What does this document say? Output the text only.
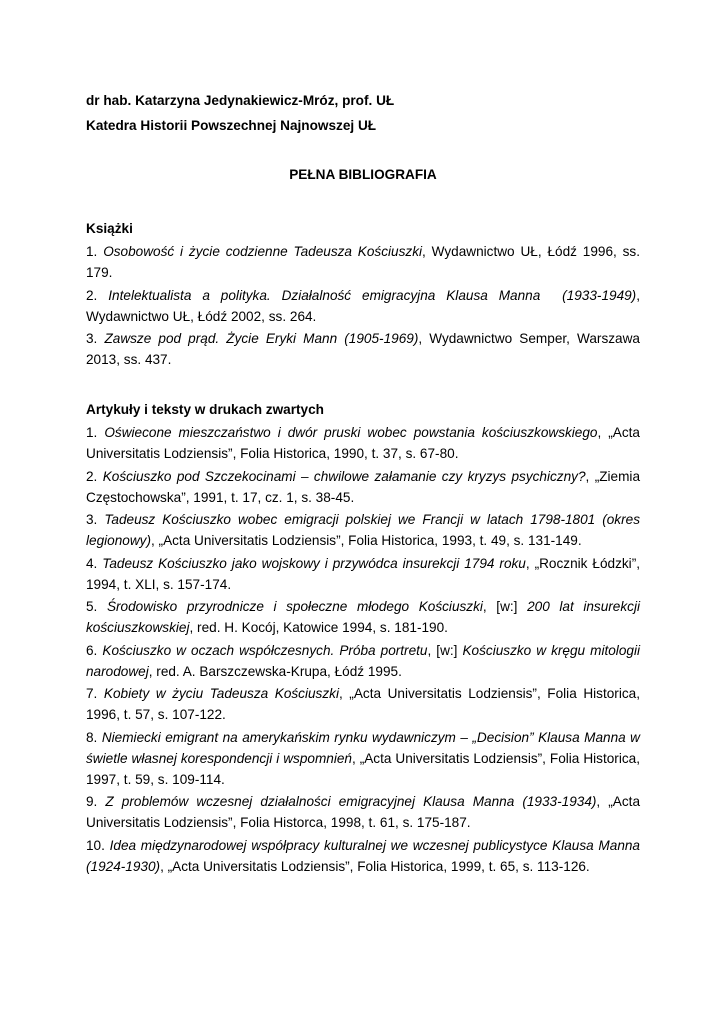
dr hab. Katarzyna Jedynakiewicz-Mróz, prof. UŁ

Katedra Historii Powszechnej Najnowszej UŁ

PEŁNA BIBLIOGRAFIA

Książki

1. Osobowość i życie codzienne Tadeusza Kościuszki, Wydawnictwo UŁ, Łódź 1996, ss. 179.

2. Intelektualista a polityka. Działalność emigracyjna Klausa Manna  (1933-1949), Wydawnictwo UŁ, Łódź 2002, ss. 264.

3. Zawsze pod prąd. Życie Eryki Mann (1905-1969), Wydawnictwo Semper, Warszawa 2013, ss. 437.

Artykuły i teksty w drukach zwartych

1. Oświecone mieszczaństwo i dwór pruski wobec powstania kościuszkowskiego, „Acta Universitatis Lodziensis”, Folia Historica, 1990, t. 37, s. 67-80.

2. Kościuszko pod Szczekocinami – chwilowe załamanie czy kryzys psychiczny?, „Ziemia Częstochowska”, 1991, t. 17, cz. 1, s. 38-45.

3. Tadeusz Kościuszko wobec emigracji polskiej we Francji w latach 1798-1801 (okres legionowy), „Acta Universitatis Lodziensis”, Folia Historica, 1993, t. 49, s. 131-149.

4. Tadeusz Kościuszko jako wojskowy i przywódca insurekcji 1794 roku, „Rocznik Łódzki”, 1994, t. XLI, s. 157-174.

5. Środowisko przyrodnicze i społeczne młodego Kościuszki, [w:] 200 lat insurekcji kościuszkowskiej, red. H. Kocój, Katowice 1994, s. 181-190.

6. Kościuszko w oczach współczesnych. Próba portretu, [w:] Kościuszko w kręgu mitologii narodowej, red. A. Barszczewska-Krupa, Łódź 1995.

7. Kobiety w życiu Tadeusza Kościuszki, „Acta Universitatis Lodziensis”, Folia Historica, 1996, t. 57, s. 107-122.

8. Niemiecki emigrant na amerykańskim rynku wydawniczym – „Decision” Klausa Manna w świetle własnej korespondencji i wspomnień, „Acta Universitatis Lodziensis”, Folia Historica, 1997, t. 59, s. 109-114.

9. Z problemów wczesnej działalności emigracyjnej Klausa Manna (1933-1934), „Acta Universitatis Lodziensis”, Folia Historca, 1998, t. 61, s. 175-187.

10. Idea międzynarodowej współpracy kulturalnej we wczesnej publicystyce Klausa Manna (1924-1930), „Acta Universitatis Lodziensis”, Folia Historica, 1999, t. 65, s. 113-126.
